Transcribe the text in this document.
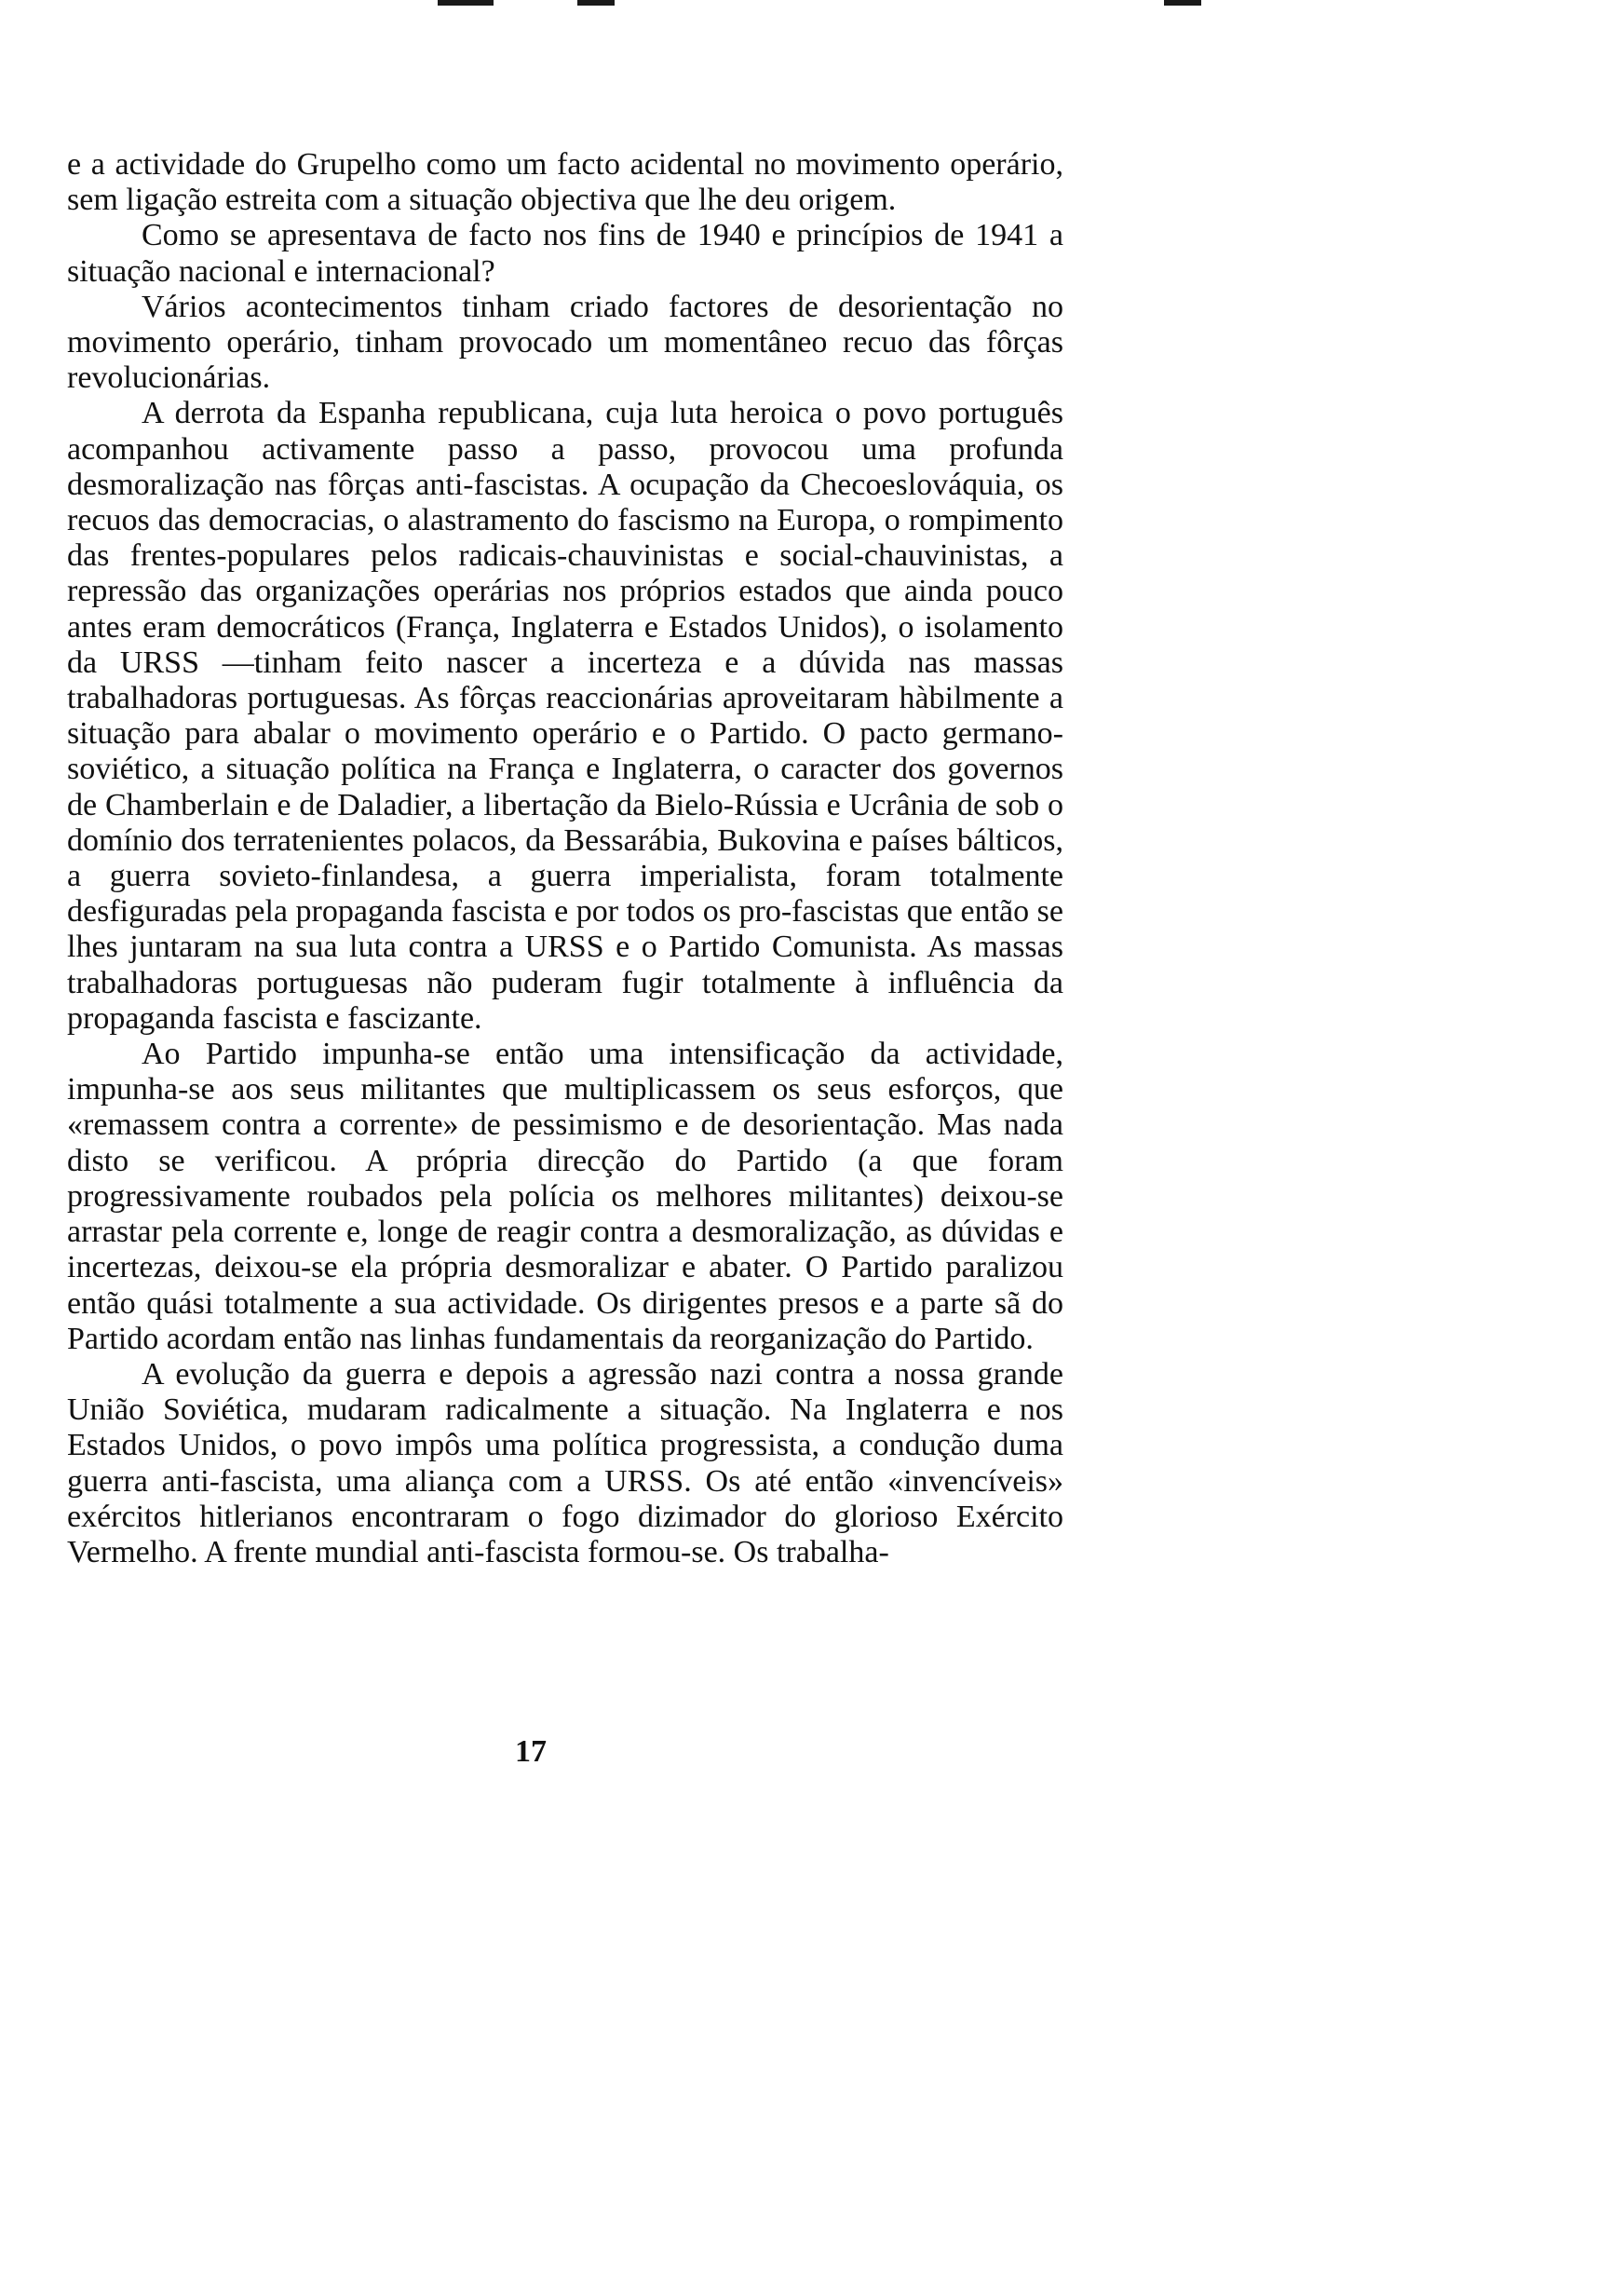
e a actividade do Grupelho como um facto acidental no movimento operário, sem ligação estreita com a situação objectiva que lhe deu origem.

Como se apresentava de facto nos fins de 1940 e princípios de 1941 a situação nacional e internacional?

Vários acontecimentos tinham criado factores de desorientação no movimento operário, tinham provocado um momentâneo recuo das fôrças revolucionárias.

A derrota da Espanha republicana, cuja luta heroica o povo português acompanhou activamente passo a passo, provocou uma profunda desmoralização nas fôrças anti-fascistas. A ocupação da Checoeslováquia, os recuos das democracias, o alastramento do fascismo na Europa, o rompimento das frentes-populares pelos radicais-chauvinistas e social-chauvinistas, a repressão das organizações operárias nos próprios estados que ainda pouco antes eram democráticos (França, Inglaterra e Estados Unidos), o isolamento da URSS —tinham feito nascer a incerteza e a dúvida nas massas trabalhadoras portuguesas. As fôrças reaccionárias aproveitaram hàbilmente a situação para abalar o movimento operário e o Partido. O pacto germano-soviético, a situação política na França e Inglaterra, o caracter dos governos de Chamberlain e de Daladier, a libertação da Bielo-Rússia e Ucrânia de sob o domínio dos terratenientes polacos, da Bessarábia, Bukovina e países bálticos, a guerra sovieto-finlandesa, a guerra imperialista, foram totalmente desfiguradas pela propaganda fascista e por todos os pro-fascistas que então se lhes juntaram na sua luta contra a URSS e o Partido Comunista. As massas trabalhadoras portuguesas não puderam fugir totalmente à influência da propaganda fascista e fascizante.

Ao Partido impunha-se então uma intensificação da actividade, impunha-se aos seus militantes que multiplicassem os seus esforços, que «remassem contra a corrente» de pessimismo e de desorientação. Mas nada disto se verificou. A própria direcção do Partido (a que foram progressivamente roubados pela polícia os melhores militantes) deixou-se arrastar pela corrente e, longe de reagir contra a desmoralização, as dúvidas e incertezas, deixou-se ela própria desmoralizar e abater. O Partido paralizou então quási totalmente a sua actividade. Os dirigentes presos e a parte sã do Partido acordam então nas linhas fundamentais da reorganização do Partido.

A evolução da guerra e depois a agressão nazi contra a nossa grande União Soviética, mudaram radicalmente a situação. Na Inglaterra e nos Estados Unidos, o povo impôs uma política progressista, a condução duma guerra anti-fascista, uma aliança com a URSS. Os até então «invencíveis» exércitos hitlerianos encontraram o fogo dizimador do glorioso Exército Vermelho. A frente mundial anti-fascista formou-se. Os trabalha-

17
